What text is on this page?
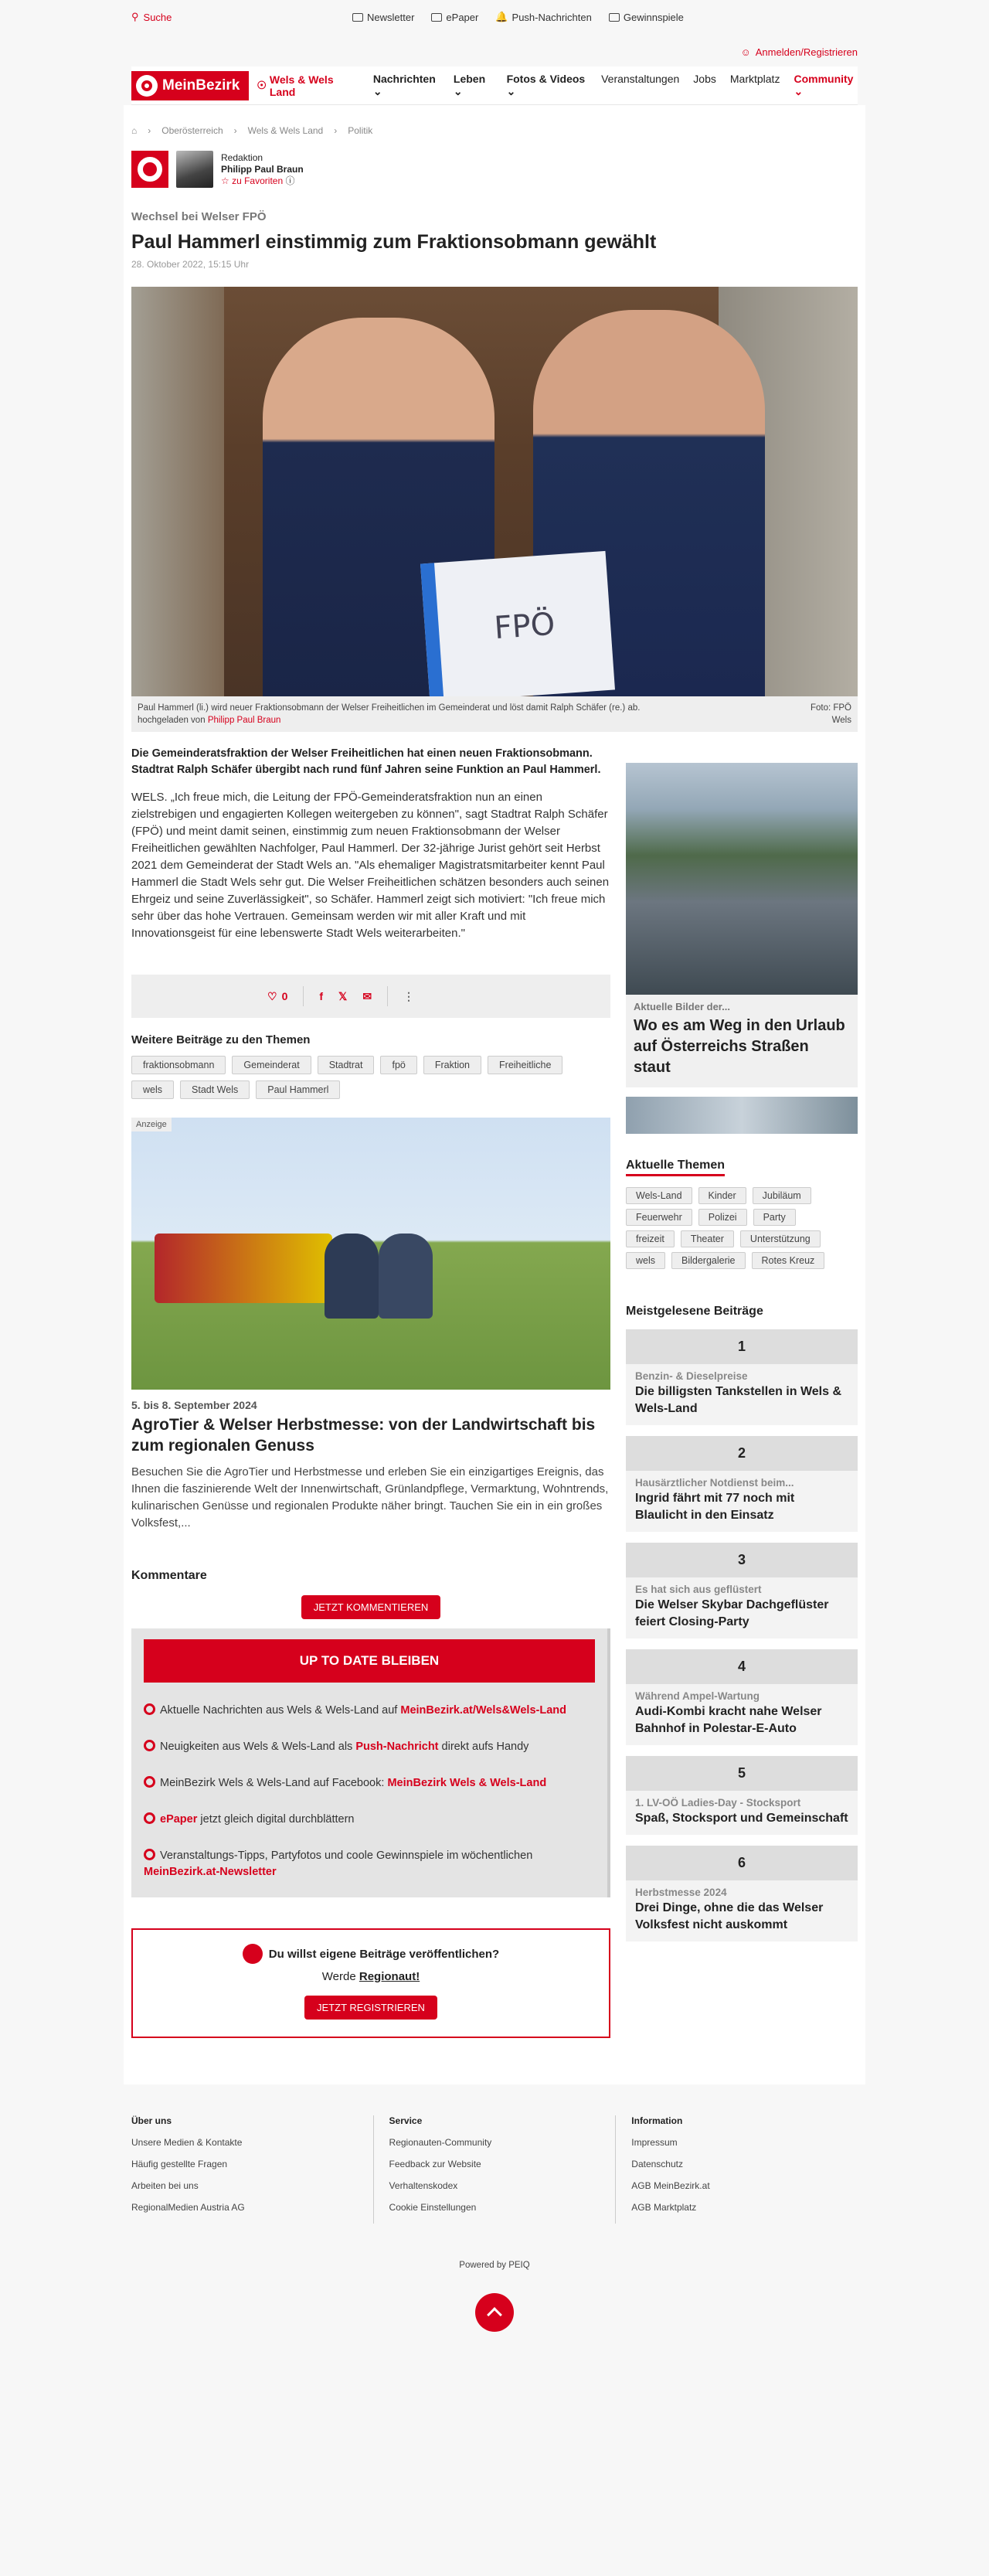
⚲ Suche	Newsletter	ePaper 🔔 Push-Nachrichten	Gewinnspiele
☺ Anmelden/Registrieren
MeinBezirk ☉ Wels & Wels Land
Nachrichten ⌄
Leben ⌄
Fotos & Videos ⌄
Veranstaltungen Jobs Marktplatz Community ⌄
⌂ › Oberösterreich › Wels & Wels Land › Politik
Redaktion
Philipp Paul Braun
☆ zu Favoriten ⓘ
Wechsel bei Welser FPÖ
Paul Hammerl einstimmig zum Fraktionsobmann gewählt
28. Oktober 2022, 15:15 Uhr
FPÖ
Paul Hammerl (li.) wird neuer Fraktionsobmann der Welser Freiheitlichen im Gemeinderat und löst damit Ralph Schäfer (re.) ab.
hochgeladen von Philipp Paul Braun
Foto: FPÖ Wels

Die Gemeinderatsfraktion der Welser Freiheitlichen hat einen neuen Fraktionsobmann. Stadtrat Ralph Schäfer übergibt nach rund fünf Jahren seine Funktion an Paul Hammerl.

WELS. „Ich freue mich, die Leitung der FPÖ-Gemeinderatsfraktion nun an einen zielstrebigen und engagierten Kollegen weitergeben zu können", sagt Stadtrat Ralph Schäfer (FPÖ) und meint damit seinen, einstimmig zum neuen Fraktionsobmann der Welser Freiheitlichen gewählten Nachfolger, Paul Hammerl. Der 32-jährige Jurist gehört seit Herbst 2021 dem Gemeinderat der Stadt Wels an. "Als ehemaliger Magistratsmitarbeiter kennt Paul Hammerl die Stadt Wels sehr gut. Die Welser Freiheitlichen schätzen besonders auch seinen Ehrgeiz und seine Zuverlässigkeit", so Schäfer. Hammerl zeigt sich motiviert: "Ich freue mich sehr über das hohe Vertrauen. Gemeinsam werden wir mit aller Kraft und mit Innovationsgeist für eine lebenswerte Stadt Wels weiterarbeiten."

♡ 0	f 𝕏 ✉	⋮
Weitere Beiträge zu den Themen
fraktionsobmann	Gemeinderat	Stadtrat	fpö	Fraktion	Freiheitliche
wels	Stadt Wels	Paul Hammerl
Anzeige
5. bis 8. September 2024
AgroTier & Welser Herbstmesse: von der Landwirtschaft bis zum regionalen Genuss

Besuchen Sie die AgroTier und Herbstmesse und erleben Sie ein einzigartiges Ereignis, das Ihnen die faszinierende Welt der Innenwirtschaft, Grünlandpflege, Vermarktung, Wohntrends, kulinarischen Genüsse und regionalen Produkte näher bringt. Tauchen Sie ein in ein großes Volksfest,...

Kommentare
JETZT KOMMENTIEREN
UP TO DATE BLEIBEN
Aktuelle Nachrichten aus Wels & Wels-Land auf MeinBezirk.at/Wels&Wels-Land
Neuigkeiten aus Wels & Wels-Land als Push-Nachricht direkt aufs Handy
MeinBezirk Wels & Wels-Land auf Facebook: MeinBezirk Wels & Wels-Land
ePaper jetzt gleich digital durchblättern
Veranstaltungs-Tipps, Partyfotos und coole Gewinnspiele im wöchentlichen MeinBezirk.at-Newsletter
Du willst eigene Beiträge veröffentlichen?
Werde Regionaut!
JETZT REGISTRIEREN
Aktuelle Bilder der...
Wo es am Weg in den Urlaub auf Österreichs Straßen staut
Aktuelle Themen
Wels-Land	Kinder	Jubiläum
Feuerwehr	Polizei	Party
freizeit	Theater	Unterstützung
wels	Bildergalerie	Rotes Kreuz
Meistgelesene Beiträge
1
Benzin- & Dieselpreise
Die billigsten Tankstellen in Wels & Wels-Land
2
Hausärztlicher Notdienst beim...
Ingrid fährt mit 77 noch mit Blaulicht in den Einsatz
3
Es hat sich aus geflüstert
Die Welser Skybar Dachgeflüster feiert Closing-Party
4
Während Ampel-Wartung
Audi-Kombi kracht nahe Welser Bahnhof in Polestar-E-Auto
5
1. LV-OÖ Ladies-Day - Stocksport
Spaß, Stocksport und Gemeinschaft
6
Herbstmesse 2024
Drei Dinge, ohne die das Welser Volksfest nicht auskommt
Über uns
Unsere Medien & Kontakte
Häufig gestellte Fragen
Arbeiten bei uns
RegionalMedien Austria AG
Service
Regionauten-Community
Feedback zur Website
Verhaltenskodex
Cookie Einstellungen
Information
Impressum
Datenschutz
AGB MeinBezirk.at
AGB Marktplatz
Powered by PEIQ
